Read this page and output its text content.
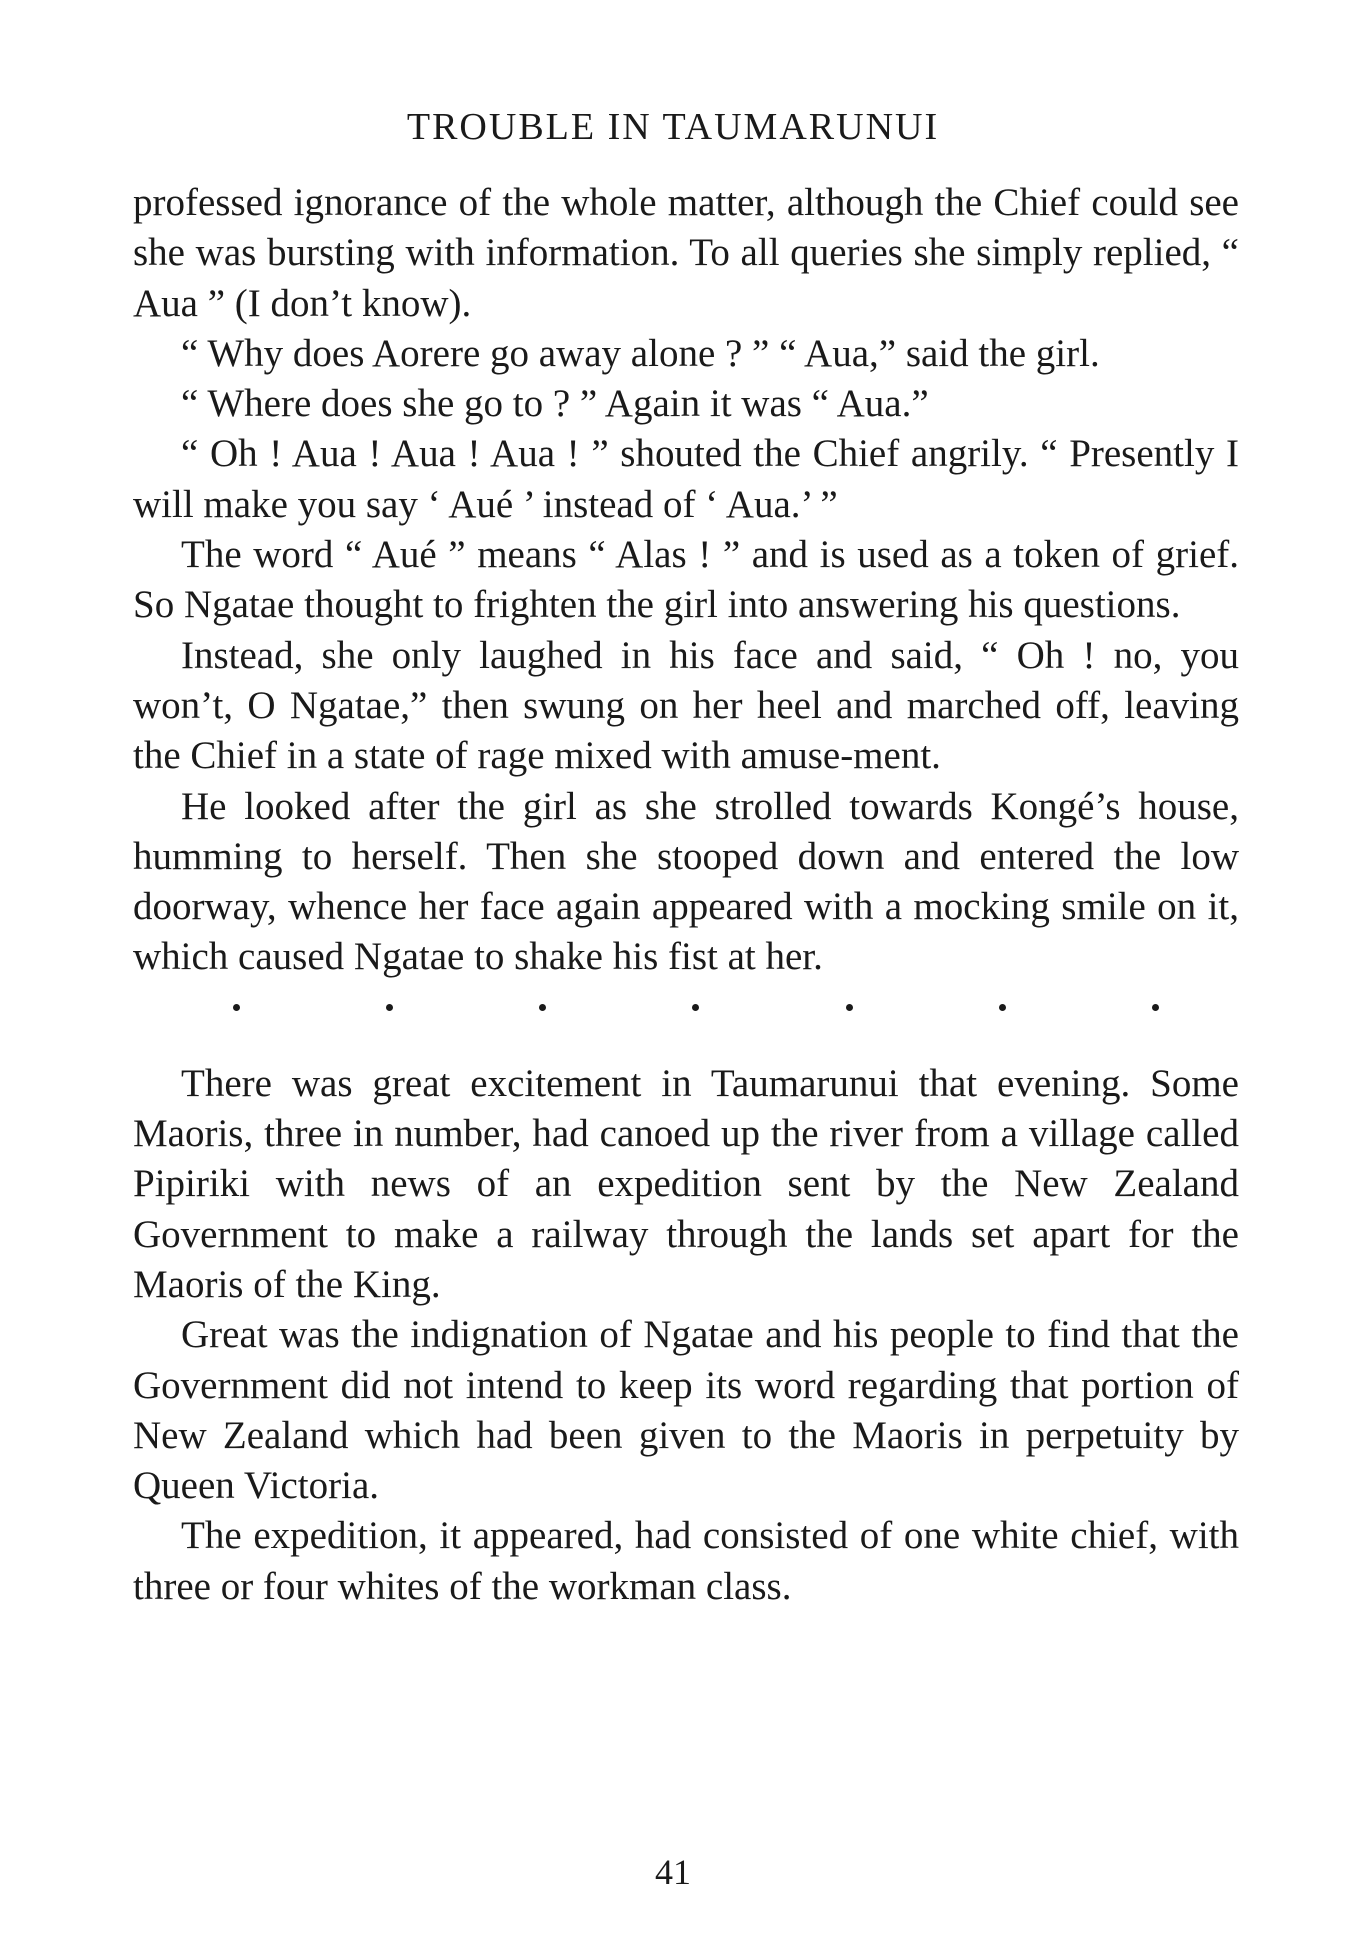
TROUBLE IN TAUMARUNUI

professed ignorance of the whole matter, although the Chief could see she was bursting with information. To all queries she simply replied, “ Aua ” (I don’t know).

“ Why does Aorere go away alone ? ” “ Aua,” said the girl.

“ Where does she go to ? ” Again it was “ Aua.”

“ Oh ! Aua ! Aua ! Aua ! ” shouted the Chief angrily. “ Presently I will make you say ‘ Aué ’ instead of ‘ Aua.’ ”

The word “ Aué ” means “ Alas ! ” and is used as a token of grief. So Ngatae thought to frighten the girl into answering his questions.

Instead, she only laughed in his face and said, “ Oh ! no, you won’t, O Ngatae,” then swung on her heel and marched off, leaving the Chief in a state of rage mixed with amuse-ment.

He looked after the girl as she strolled towards Kongé’s house, humming to herself. Then she stooped down and entered the low doorway, whence her face again appeared with a mocking smile on it, which caused Ngatae to shake his fist at her.

There was great excitement in Taumarunui that evening. Some Maoris, three in number, had canoed up the river from a village called Pipiriki with news of an expedition sent by the New Zealand Government to make a railway through the lands set apart for the Maoris of the King.

Great was the indignation of Ngatae and his people to find that the Government did not intend to keep its word regarding that portion of New Zealand which had been given to the Maoris in perpetuity by Queen Victoria.

The expedition, it appeared, had consisted of one white chief, with three or four whites of the workman class.

41
